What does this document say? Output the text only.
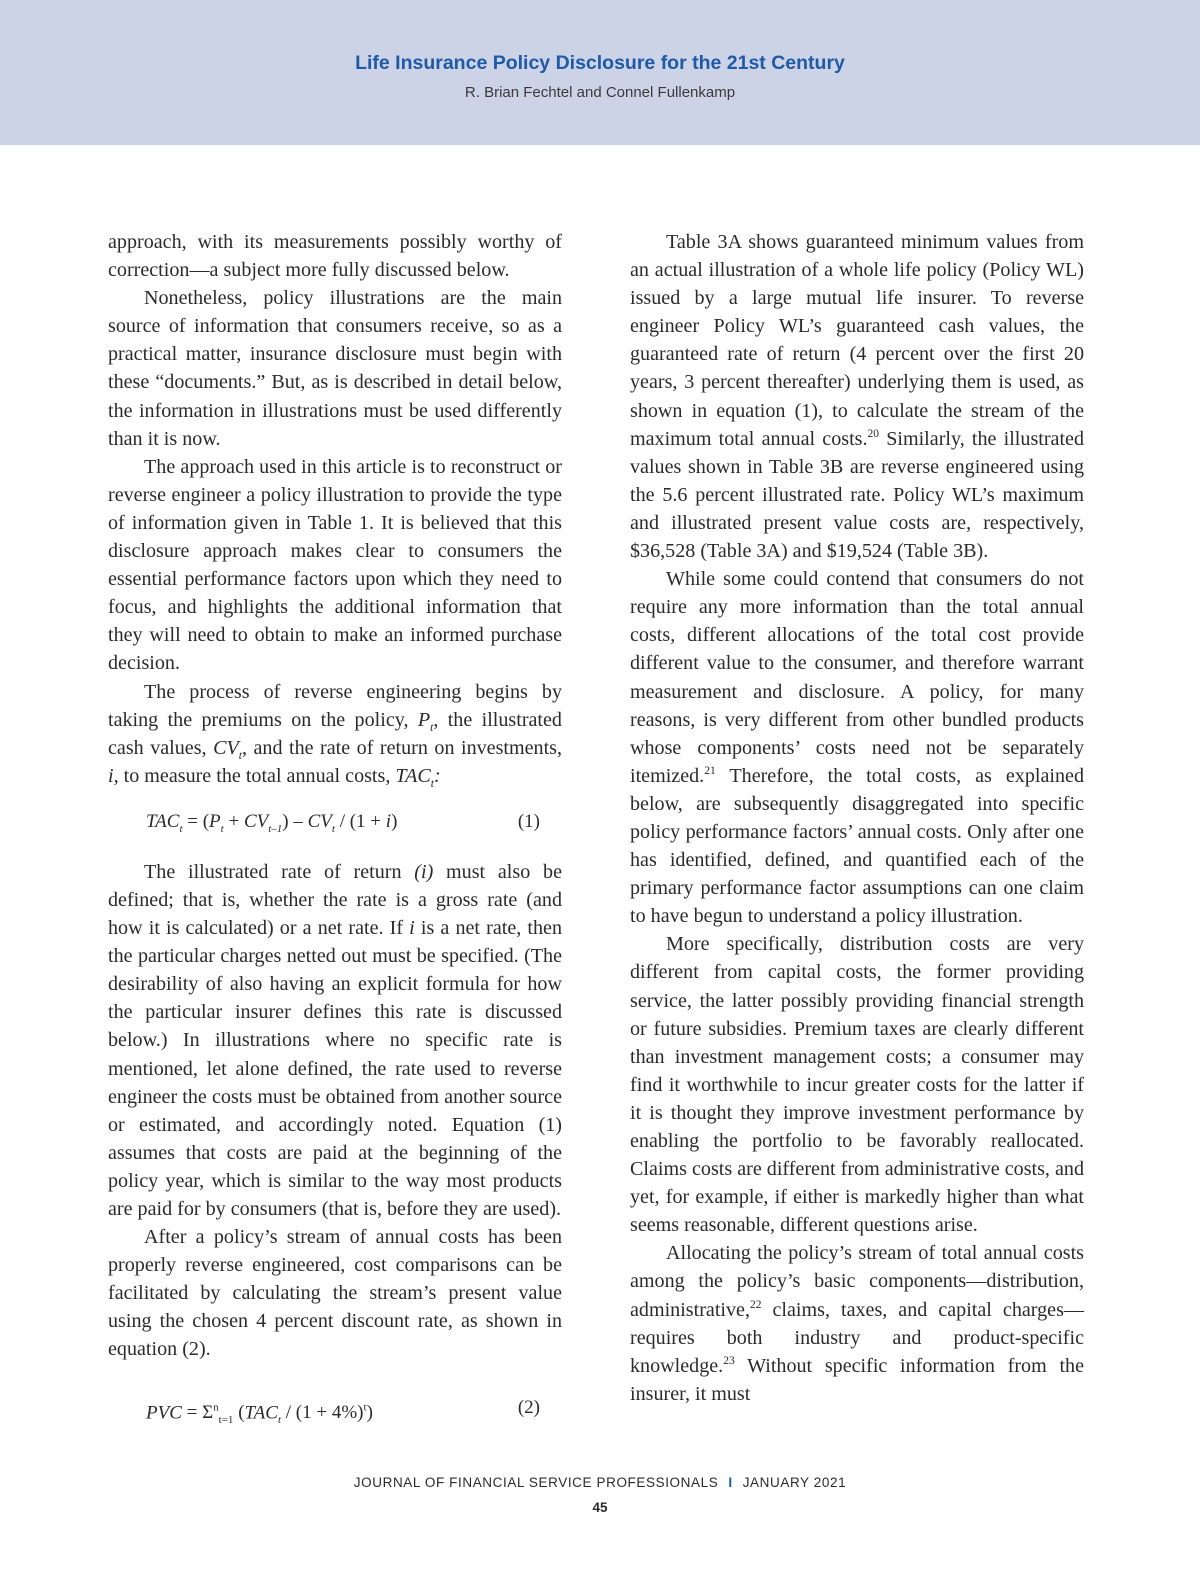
Life Insurance Policy Disclosure for the 21st Century
R. Brian Fechtel and Connel Fullenkamp

approach, with its measurements possibly worthy of correction—a subject more fully discussed below.

Nonetheless, policy illustrations are the main source of information that consumers receive, so as a practical matter, insurance disclosure must begin with these “documents.” But, as is described in detail below, the information in illustrations must be used differently than it is now.

The approach used in this article is to reconstruct or reverse engineer a policy illustration to provide the type of information given in Table 1. It is believed that this disclosure approach makes clear to consumers the essential performance factors upon which they need to focus, and highlights the additional information that they will need to obtain to make an informed purchase decision.

The process of reverse engineering begins by taking the premiums on the policy, $P_t$, the illustrated cash values, $CV_t$, and the rate of return on investments, i, to measure the total annual costs, $TAC_t$:

$TAC_t = (P_t + CV_{t-1}) - CV_t / (1 + i)$	(1)

The illustrated rate of return (i) must also be defined; that is, whether the rate is a gross rate (and how it is calculated) or a net rate. If i is a net rate, then the particular charges netted out must be specified. (The desirability of also having an explicit formula for how the particular insurer defines this rate is discussed below.) In illustrations where no specific rate is mentioned, let alone defined, the rate used to reverse engineer the costs must be obtained from another source or estimated, and accordingly noted. Equation (1) assumes that costs are paid at the beginning of the policy year, which is similar to the way most products are paid for by consumers (that is, before they are used).

After a policy’s stream of annual costs has been properly reverse engineered, cost comparisons can be facilitated by calculating the stream’s present value using the chosen 4 percent discount rate, as shown in equation (2).

PVC = $\Sigma^n_{t=1}$ $(TAC_t / (1 + 4\%)^t)$	(2)

Table 3A shows guaranteed minimum values from an actual illustration of a whole life policy (Policy WL) issued by a large mutual life insurer. To reverse engineer Policy WL’s guaranteed cash values, the guaranteed rate of return (4 percent over the first 20 years, 3 percent thereafter) underlying them is used, as shown in equation (1), to calculate the stream of the maximum total annual costs.$^{20}$ Similarly, the illustrated values shown in Table 3B are reverse engineered using the 5.6 percent illustrated rate. Policy WL’s maximum and illustrated present value costs are, respectively, $36,528 (Table 3A) and $19,524 (Table 3B).

While some could contend that consumers do not require any more information than the total annual costs, different allocations of the total cost provide different value to the consumer, and therefore warrant measurement and disclosure. A policy, for many reasons, is very different from other bundled products whose components’ costs need not be separately itemized.$^{21}$ Therefore, the total costs, as explained below, are subsequently disaggregated into specific policy performance factors’ annual costs. Only after one has identified, defined, and quantified each of the primary performance factor assumptions can one claim to have begun to understand a policy illustration.

More specifically, distribution costs are very different from capital costs, the former providing service, the latter possibly providing financial strength or future subsidies. Premium taxes are clearly different than investment management costs; a consumer may find it worthwhile to incur greater costs for the latter if it is thought they improve investment performance by enabling the portfolio to be favorably reallocated. Claims costs are different from administrative costs, and yet, for example, if either is markedly higher than what seems reasonable, different questions arise.

Allocating the policy’s stream of total annual costs among the policy’s basic components—distribution, administrative,$^{22}$ claims, taxes, and capital charges—requires both industry and product-specific knowledge.$^{23}$ Without specific information from the insurer, it must

JOURNAL OF FINANCIAL SERVICE PROFESSIONALS I JANUARY 2021
45
